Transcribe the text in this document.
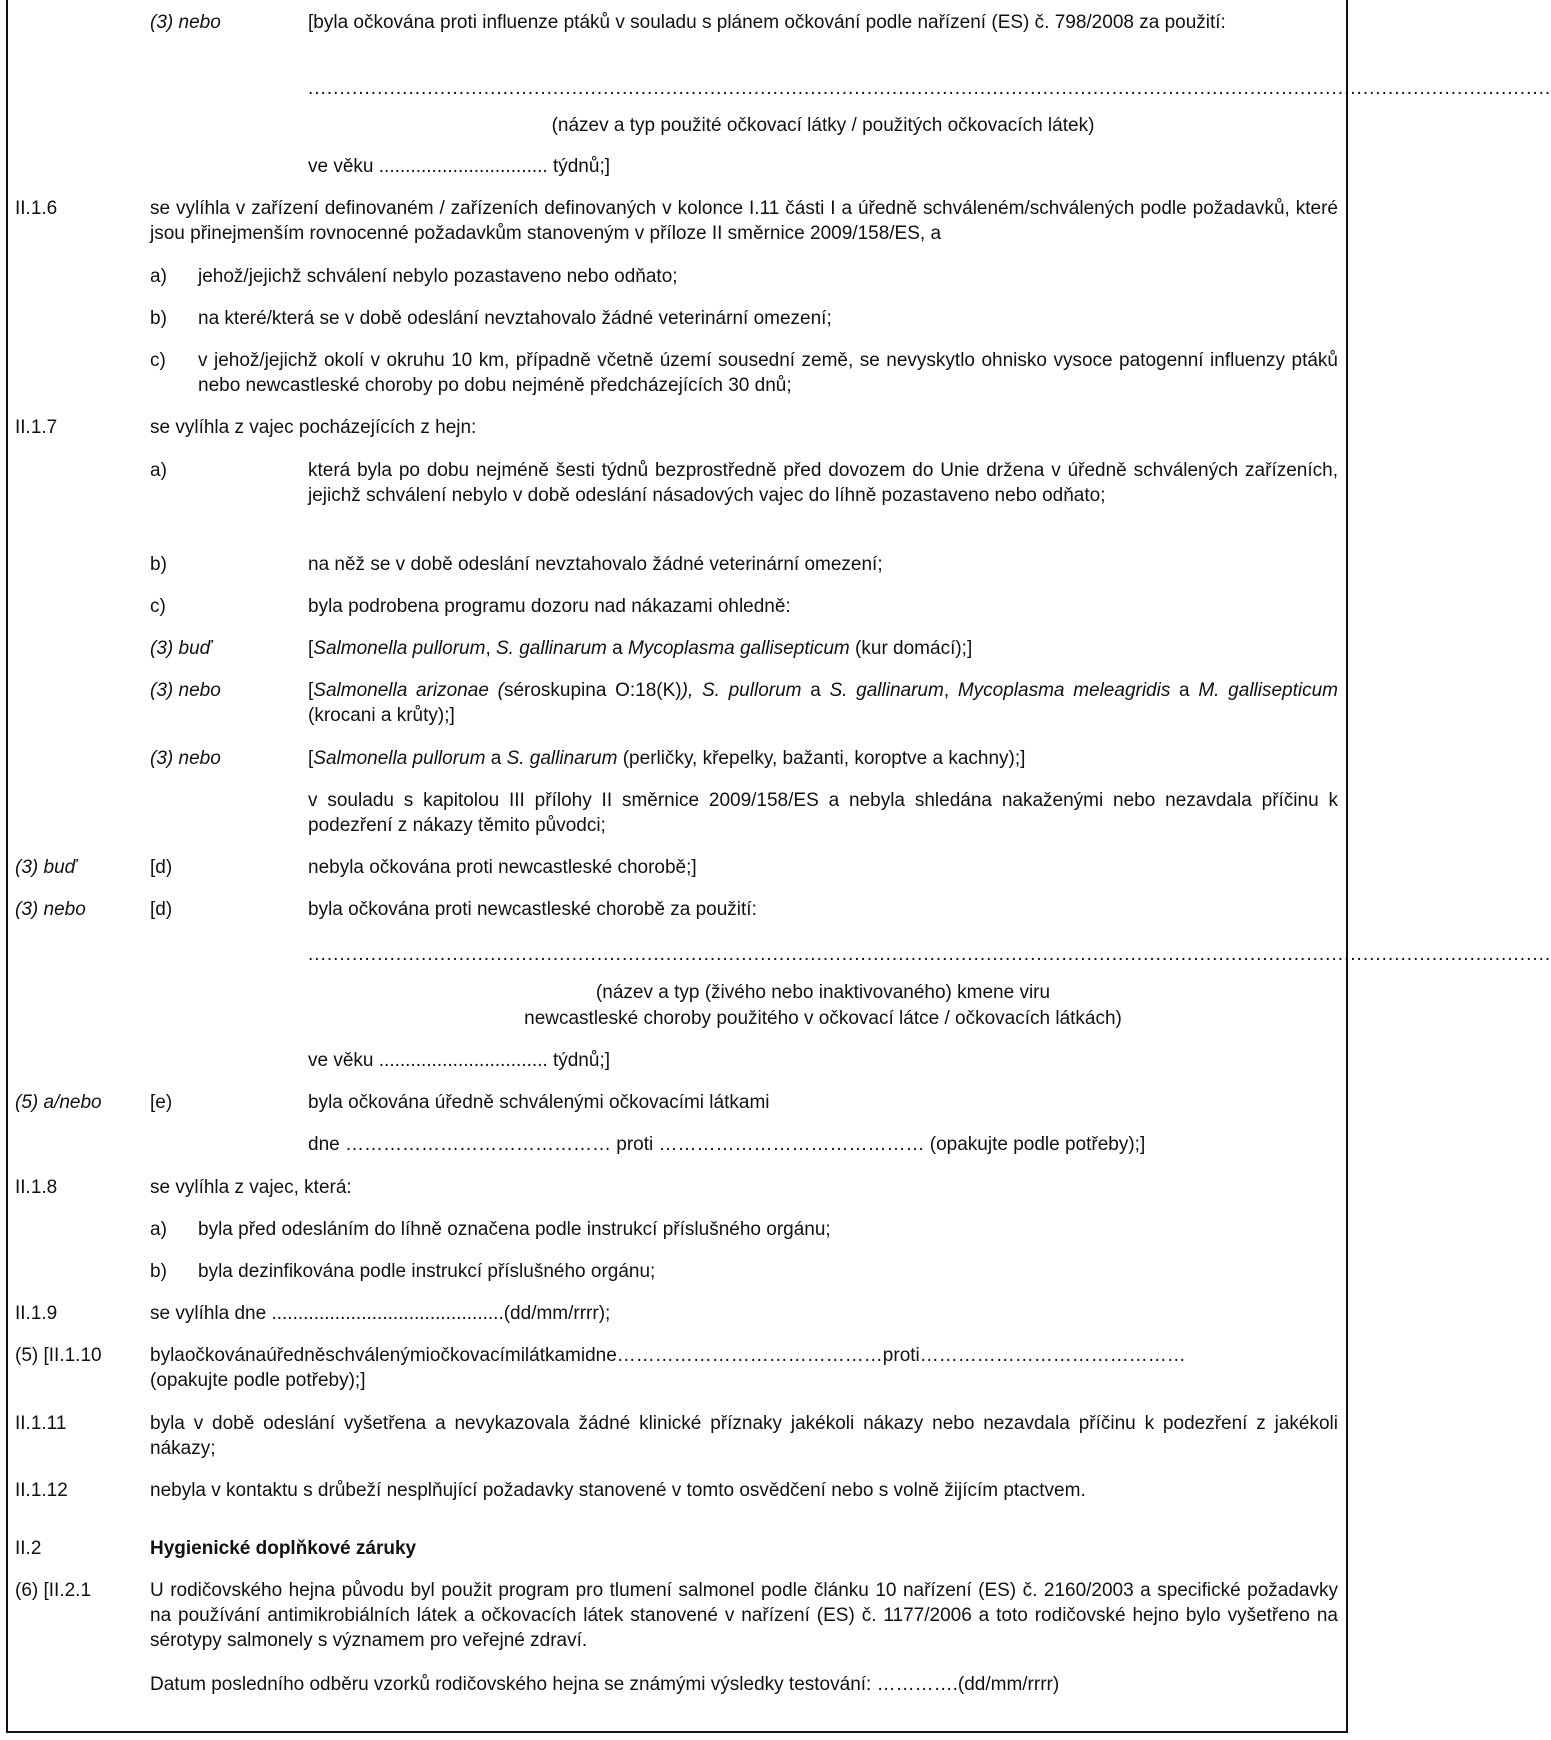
(3) nebo	[byla očkována proti influenze ptáků v souladu s plánem očkování podle nařízení (ES) č. 798/2008 za použití:
......................................................................................................................................................................................................
(název a typ použité očkovací látky / použitých očkovacích látek)
ve věku ................................ týdnů;]
II.1.6	se vylíhla v zařízení definovaném / zařízeních definovaných v kolonce I.11 části I a úředně schváleném/schválených podle požadavků, které jsou přinejmenším rovnocenné požadavkům stanoveným v příloze II směrnice 2009/158/ES, a
a) jehož/jejichž schválení nebylo pozastaveno nebo odňato;
b) na které/která se v době odeslání nevztahovalo žádné veterinární omezení;
c) v jehož/jejichž okolí v okruhu 10 km, případně včetně území sousední země, se nevyskytlo ohnisko vysoce patogenní influenzy ptáků nebo newcastleské choroby po dobu nejméně předcházejících 30 dnů;
II.1.7	se vylíhla z vajec pocházejících z hejn:
a)	která byla po dobu nejméně šesti týdnů bezprostředně před dovozem do Unie držena v úředně schválených zařízeních, jejichž schválení nebylo v době odeslání násadových vajec do líhně pozastaveno nebo odňato;
b)	na něž se v době odeslání nevztahovalo žádné veterinární omezení;
c)	byla podrobena programu dozoru nad nákazami ohledně:
(3) buď	[Salmonella pullorum, S. gallinarum a Mycoplasma gallisepticum (kur domácí);]
(3) nebo	[Salmonella arizonae (séroskupina O:18(K)), S. pullorum a S. gallinarum, Mycoplasma meleagridis a M. gallisepticum (krocani a krůty);]
(3) nebo	[Salmonella pullorum a S. gallinarum (perličky, křepelky, bažanti, koroptve a kachny);]
v souladu s kapitolou III přílohy II směrnice 2009/158/ES a nebyla shledána nakaženými nebo nezavdala příčinu k podezření z nákazy těmito původci;
(3) buď	[d)	nebyla očkována proti newcastleské chorobě;]
(3) nebo	[d)	byla očkována proti newcastleské chorobě za použití:
......................................................................................................................................................................................................
(název a typ (živého nebo inaktivovaného) kmene viru
newcastleské choroby použitého v očkovací látce / očkovacích látkách)
ve věku ................................ týdnů;]
(5) a/nebo	[e)	byla očkována úředně schválenými očkovacími látkami
dne …………………………………… proti …………………………………… (opakujte podle potřeby);]
II.1.8	se vylíhla z vajec, která:
a) byla před odesláním do líhně označena podle instrukcí příslušného orgánu;
b) byla dezinfikována podle instrukcí příslušného orgánu;
II.1.9	se vylíhla dne ............................................(dd/mm/rrrr);
(5) [II.1.10	bylaočkovánaúředněschválenýmiočkovacímilátkamidne……………………………………proti……………………………………
(opakujte podle potřeby);]
II.1.11	byla v době odeslání vyšetřena a nevykazovala žádné klinické příznaky jakékoli nákazy nebo nezavdala příčinu k podezření z jakékoli nákazy;
II.1.12	nebyla v kontaktu s drůbeží nesplňující požadavky stanovené v tomto osvědčení nebo s volně žijícím ptactvem.
II.2	Hygienické doplňkové záruky
(6) [II.2.1	U rodičovského hejna původu byl použit program pro tlumení salmonel podle článku 10 nařízení (ES) č. 2160/2003 a specifické požadavky na používání antimikrobiálních látek a očkovacích látek stanovené v nařízení (ES) č. 1177/2006 a toto rodičovské hejno bylo vyšetřeno na sérotypy salmonely s významem pro veřejné zdraví.
Datum posledního odběru vzorků rodičovského hejna se známými výsledky testování: ………….(dd/mm/rrrr)
